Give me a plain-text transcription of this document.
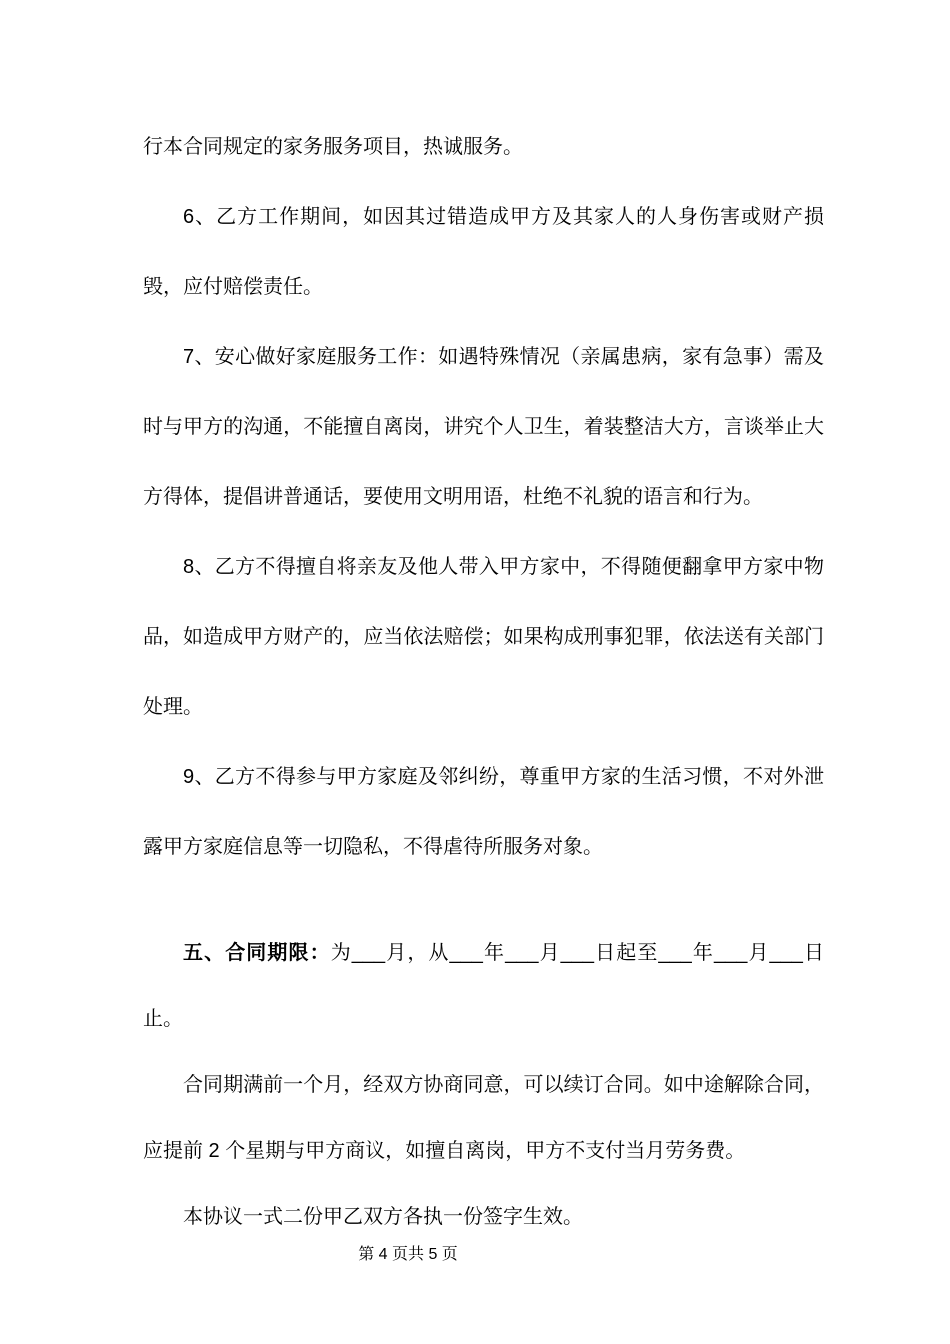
行本合同规定的家务服务项目，热诚服务。

6、乙方工作期间，如因其过错造成甲方及其家人的人身伤害或财产损毁，应付赔偿责任。

7、安心做好家庭服务工作：如遇特殊情况（亲属患病，家有急事）需及时与甲方的沟通，不能擅自离岗，讲究个人卫生，着装整洁大方，言谈举止大方得体，提倡讲普通话，要使用文明用语，杜绝不礼貌的语言和行为。

8、乙方不得擅自将亲友及他人带入甲方家中，不得随便翻拿甲方家中物品，如造成甲方财产的，应当依法赔偿；如果构成刑事犯罪，依法送有关部门处理。

9、乙方不得参与甲方家庭及邻纠纷，尊重甲方家的生活习惯，不对外泄露甲方家庭信息等一切隐私，不得虐待所服务对象。

五、合同期限：为___月，从___年___月___日起至___年___月___日止。

合同期满前一个月，经双方协商同意，可以续订合同。如中途解除合同，应提前 2 个星期与甲方商议，如擅自离岗，甲方不支付当月劳务费。

本协议一式二份甲乙双方各执一份签字生效。

第 4 页共 5 页
